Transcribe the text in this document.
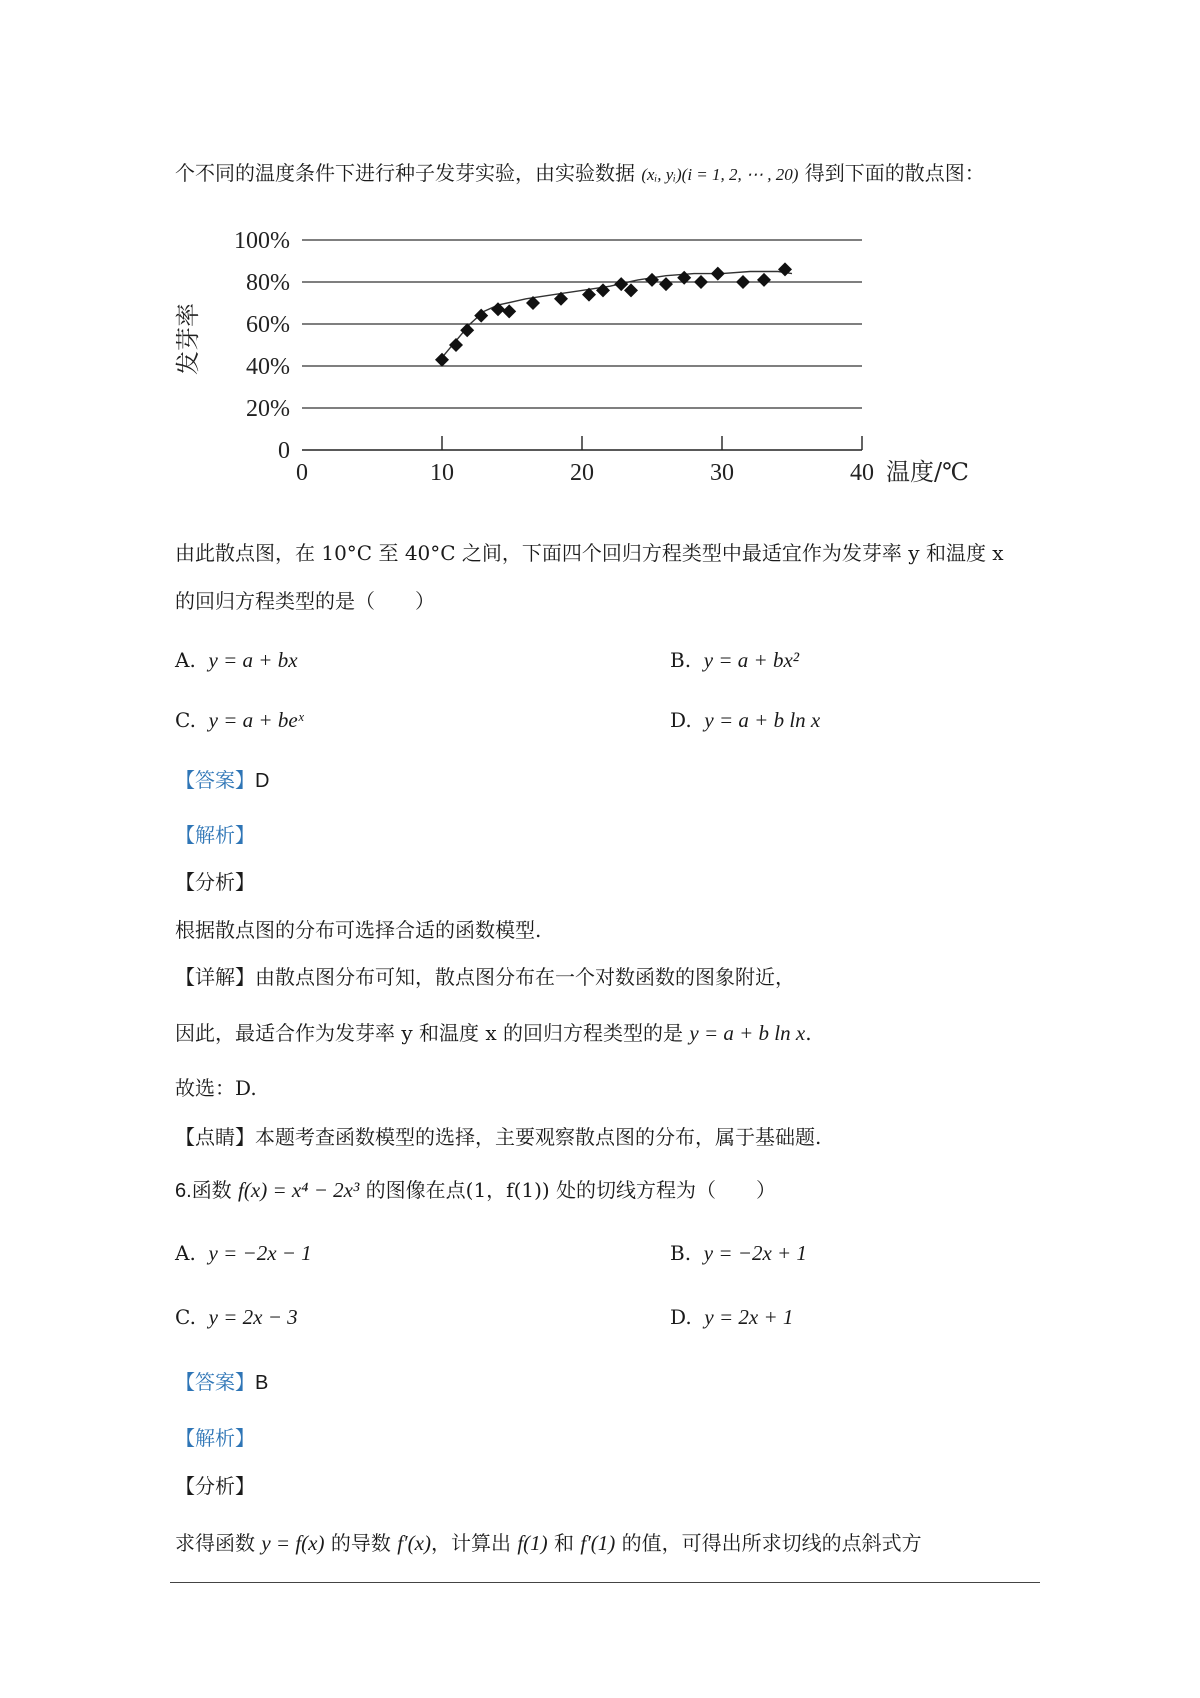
个不同的温度条件下进行种子发芽实验，由实验数据 (xᵢ, yᵢ)(i = 1, 2, ⋯ , 20) 得到下面的散点图：
0
20%
40%
60%
80%
100%
0	10	20	30	40 温度/℃
发芽率
由此散点图，在 10°C 至 40°C 之间，下面四个回归方程类型中最适宜作为发芽率 y 和温度 x
的回归方程类型的是（　　）
A. y = a + bx	B. y = a + bx²
C. y = a + beˣ	D. y = a + b ln x
【答案】D
【解析】
【分析】
根据散点图的分布可选择合适的函数模型.
【详解】由散点图分布可知，散点图分布在一个对数函数的图象附近，
因此，最适合作为发芽率 y 和温度 x 的回归方程类型的是 y = a + b ln x.
故选：D.
【点睛】本题考查函数模型的选择，主要观察散点图的分布，属于基础题.
6.函数 f(x) = x⁴ − 2x³ 的图像在点(1，f(1)) 处的切线方程为（　　）
A. y = −2x − 1	B. y = −2x + 1
C. y = 2x − 3	D. y = 2x + 1
【答案】B
【解析】
【分析】
求得函数 y = f(x) 的导数 f′(x)，计算出 f(1) 和 f′(1) 的值，可得出所求切线的点斜式方
